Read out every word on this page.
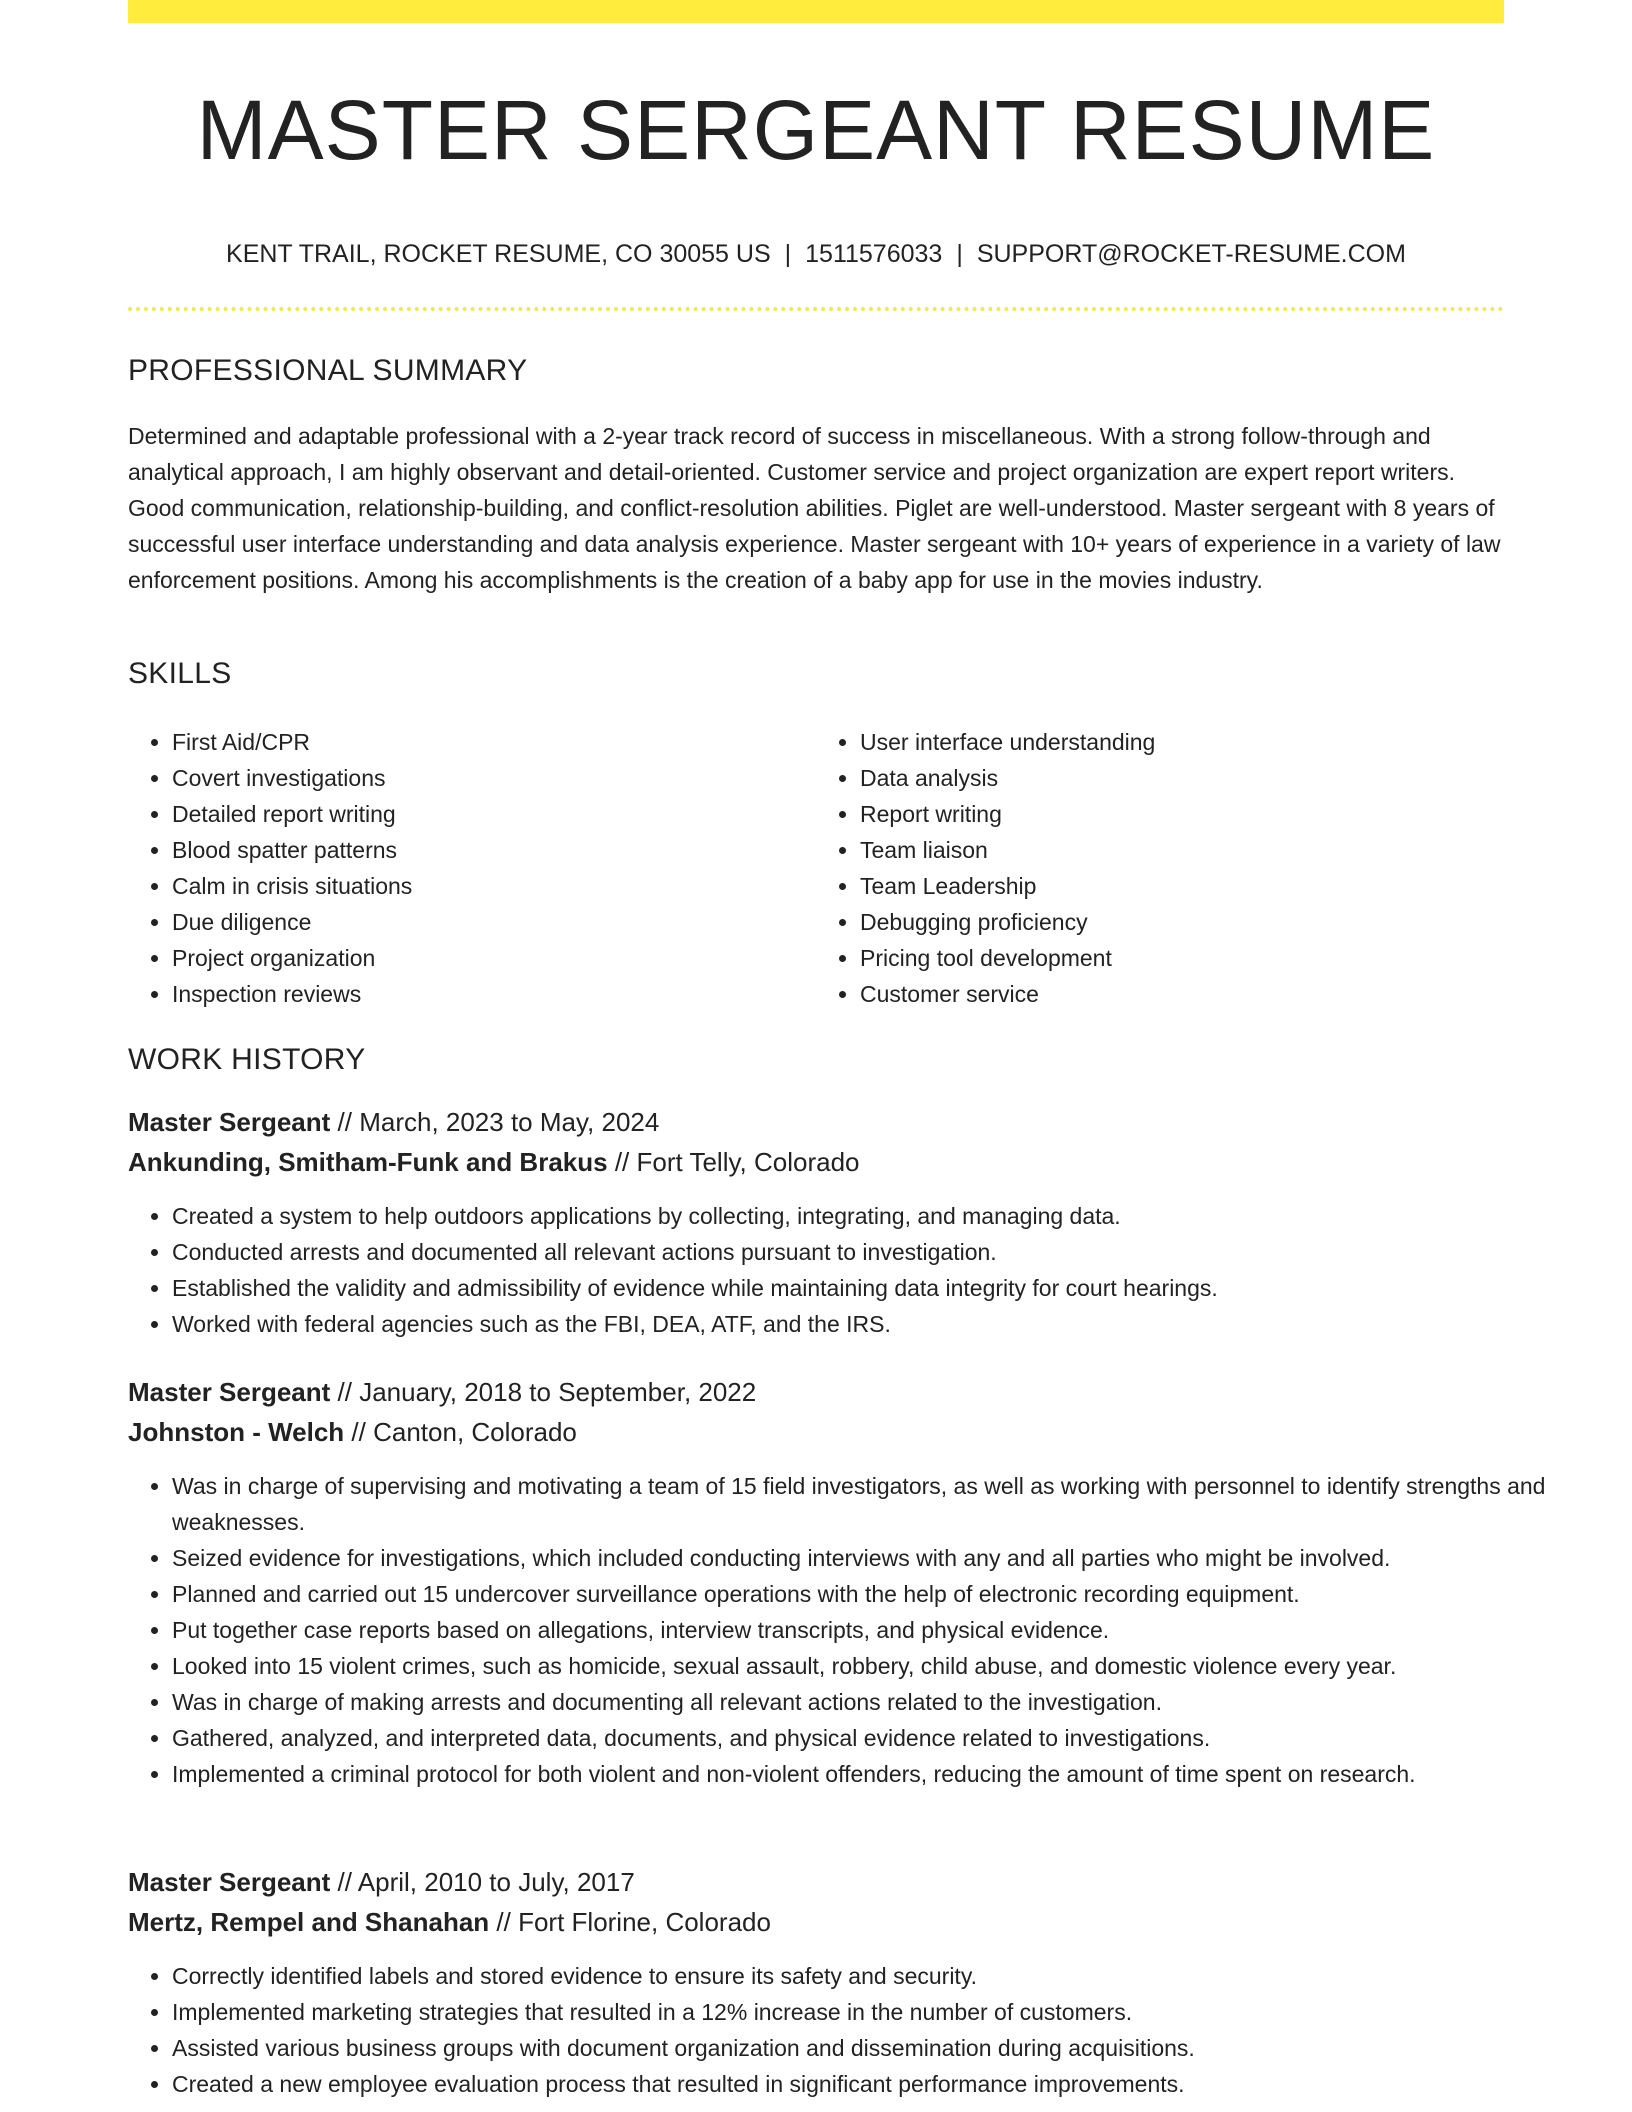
MASTER SERGEANT RESUME
KENT TRAIL, ROCKET RESUME, CO 30055 US | 1511576033 | SUPPORT@ROCKET-RESUME.COM
PROFESSIONAL SUMMARY

Determined and adaptable professional with a 2-year track record of success in miscellaneous. With a strong follow-through and analytical approach, I am highly observant and detail-oriented. Customer service and project organization are expert report writers. Good communication, relationship-building, and conflict-resolution abilities. Piglet are well-understood. Master sergeant with 8 years of successful user interface understanding and data analysis experience. Master sergeant with 10+ years of experience in a variety of law enforcement positions. Among his accomplishments is the creation of a baby app for use in the movies industry.

SKILLS
• First Aid/CPR
• Covert investigations
• Detailed report writing
• Blood spatter patterns
• Calm in crisis situations
• Due diligence
• Project organization
• Inspection reviews
• User interface understanding
• Data analysis
• Report writing
• Team liaison
• Team Leadership
• Debugging proficiency
• Pricing tool development
• Customer service
WORK HISTORY
Master Sergeant // March, 2023 to May, 2024
Ankunding, Smitham-Funk and Brakus // Fort Telly, Colorado
• Created a system to help outdoors applications by collecting, integrating, and managing data.
• Conducted arrests and documented all relevant actions pursuant to investigation.
• Established the validity and admissibility of evidence while maintaining data integrity for court hearings.
• Worked with federal agencies such as the FBI, DEA, ATF, and the IRS.
Master Sergeant // January, 2018 to September, 2022
Johnston - Welch // Canton, Colorado
• Was in charge of supervising and motivating a team of 15 field investigators, as well as working with personnel to identify strengths and weaknesses.
• Seized evidence for investigations, which included conducting interviews with any and all parties who might be involved.
• Planned and carried out 15 undercover surveillance operations with the help of electronic recording equipment.
• Put together case reports based on allegations, interview transcripts, and physical evidence.
• Looked into 15 violent crimes, such as homicide, sexual assault, robbery, child abuse, and domestic violence every year.
• Was in charge of making arrests and documenting all relevant actions related to the investigation.
• Gathered, analyzed, and interpreted data, documents, and physical evidence related to investigations.
• Implemented a criminal protocol for both violent and non-violent offenders, reducing the amount of time spent on research.
Master Sergeant // April, 2010 to July, 2017
Mertz, Rempel and Shanahan // Fort Florine, Colorado
• Correctly identified labels and stored evidence to ensure its safety and security.
• Implemented marketing strategies that resulted in a 12% increase in the number of customers.
• Assisted various business groups with document organization and dissemination during acquisitions.
• Created a new employee evaluation process that resulted in significant performance improvements.
